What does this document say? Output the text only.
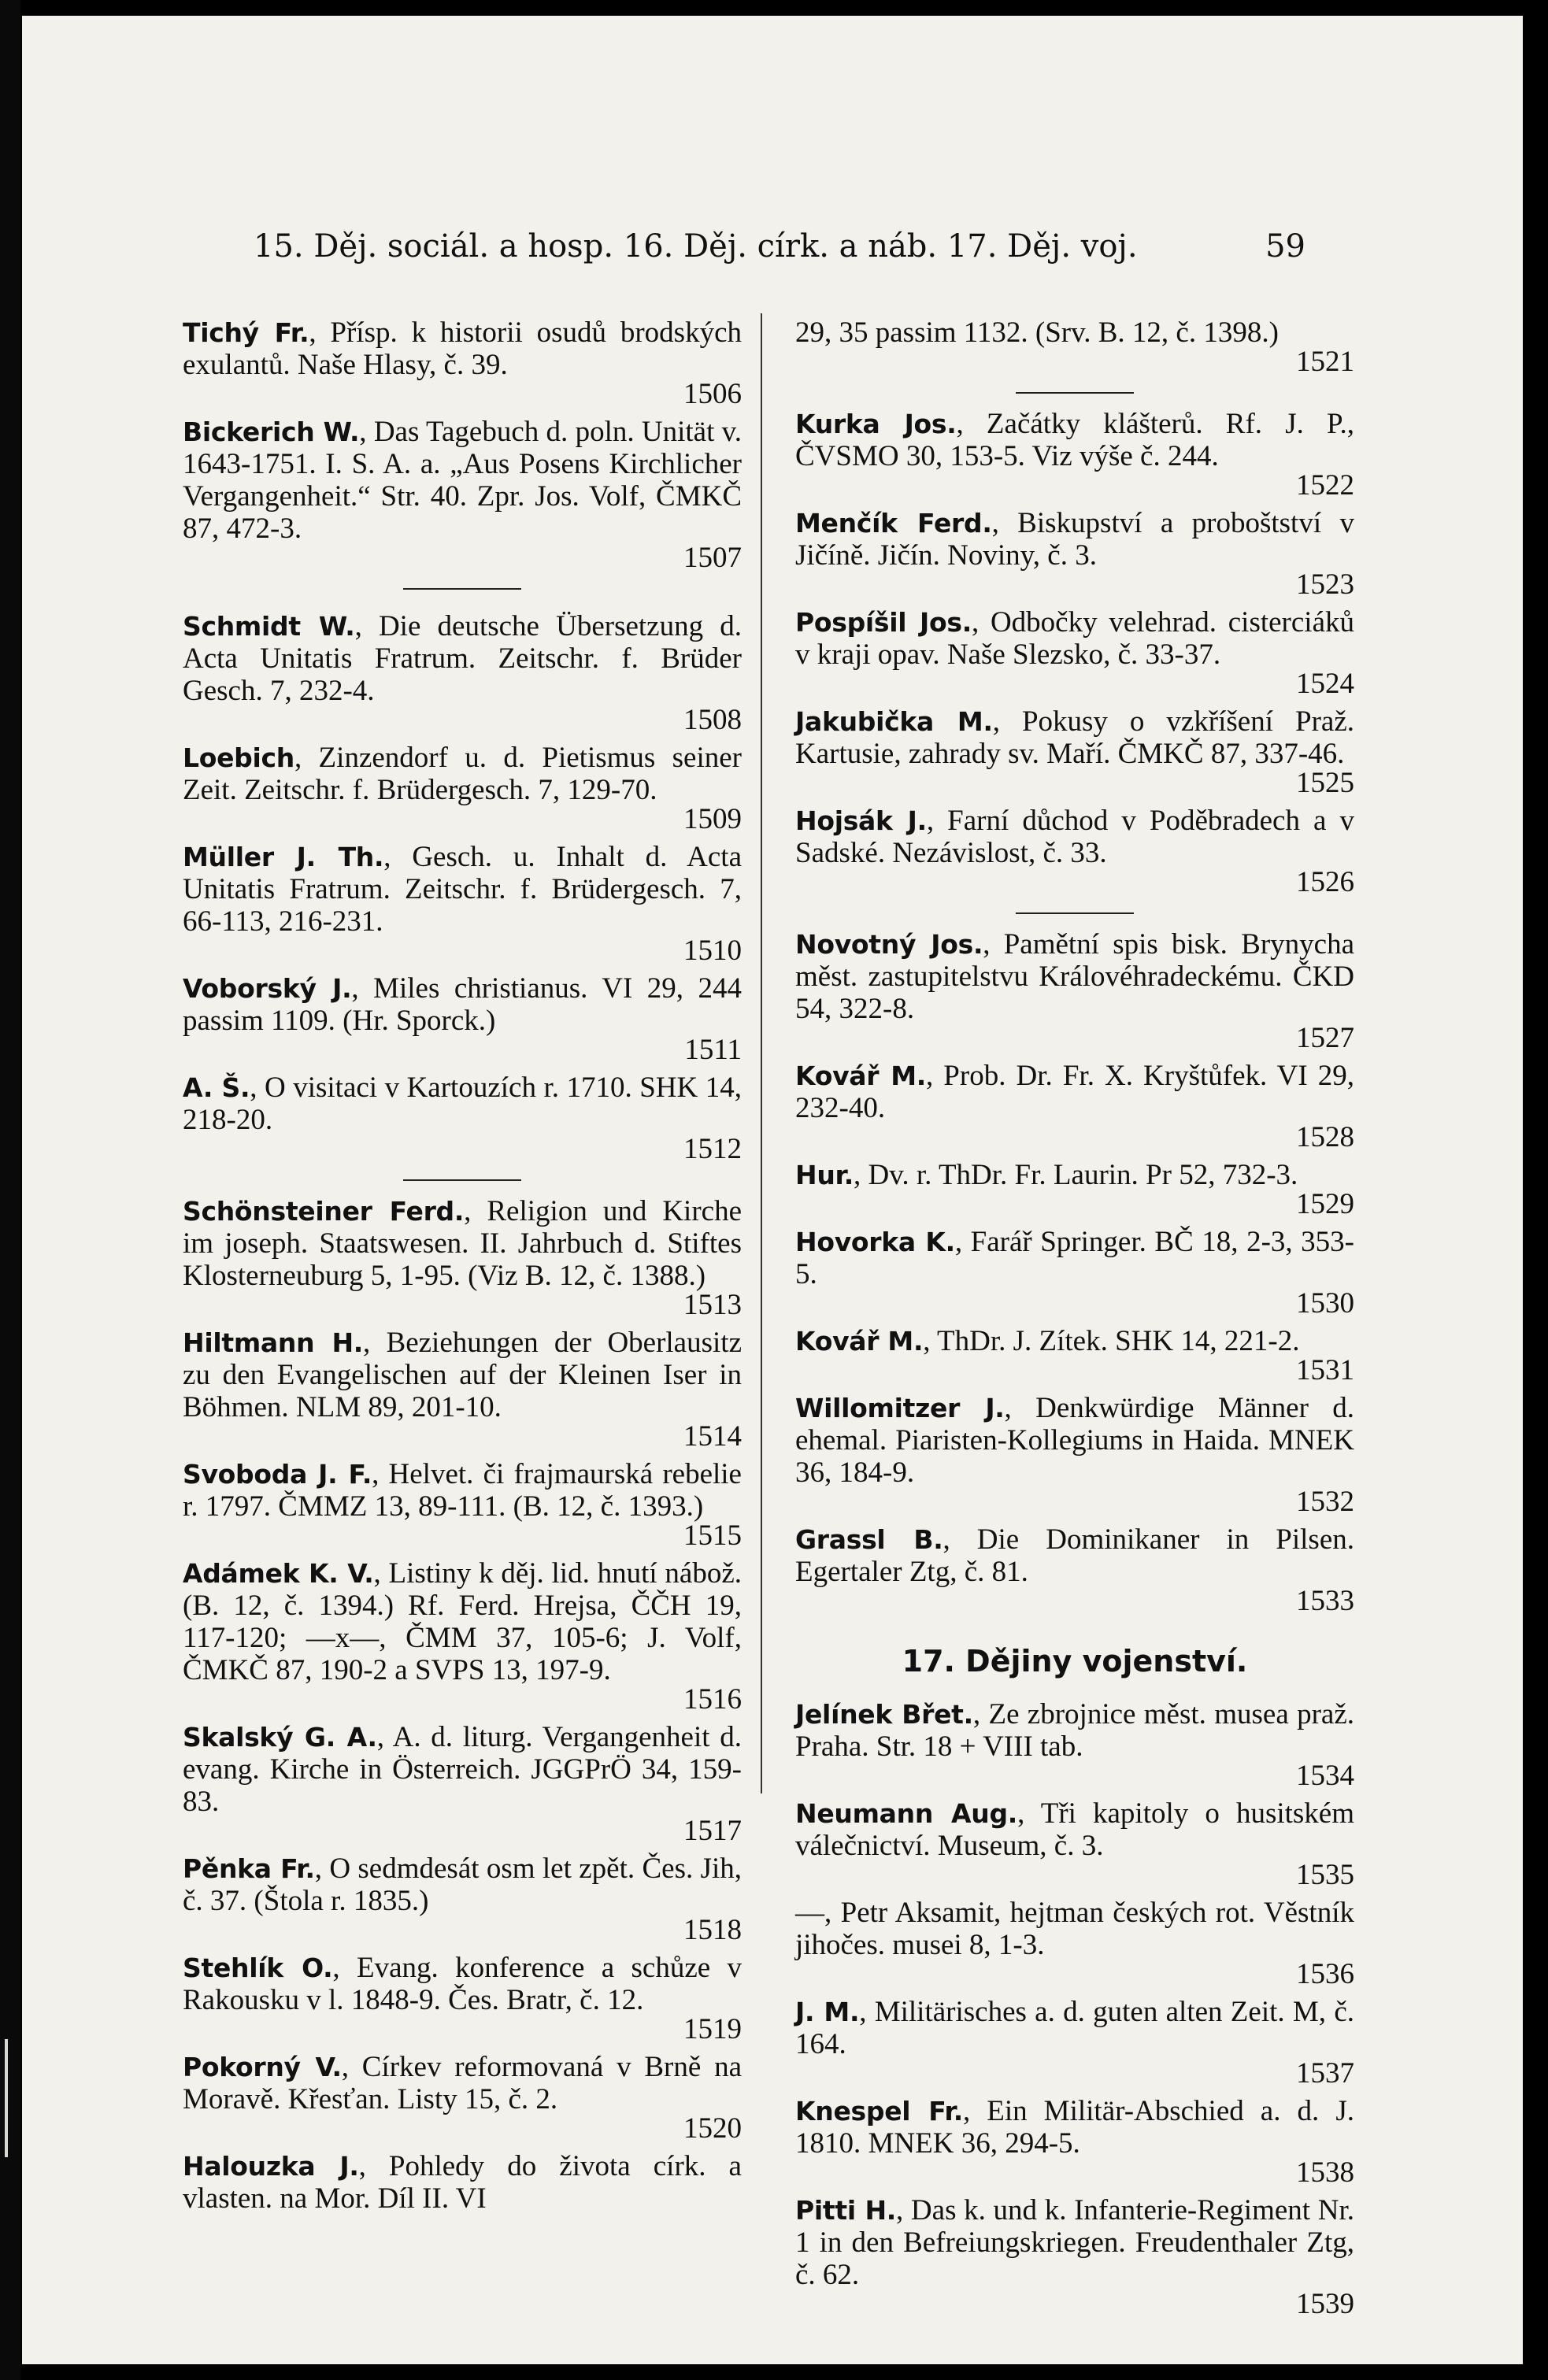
15. Děj. sociál. a hosp. 16. Děj. círk. a náb. 17. Děj. voj.	59
Tichý Fr., Přísp. k historii osudů brodských exulantů. Naše Hlasy, č. 39.
1506
Bickerich W., Das Tagebuch d. poln. Unität v. 1643-1751. I. S. A. a. „Aus Posens Kirchlicher Vergangenheit.“ Str. 40. Zpr. Jos. Volf, ČMKČ 87, 472-3.
1507
Schmidt W., Die deutsche Übersetzung d. Acta Unitatis Fratrum. Zeitschr. f. Brüder Gesch. 7, 232-4.
1508
Loebich, Zinzendorf u. d. Pietismus seiner Zeit. Zeitschr. f. Brüdergesch. 7, 129-70.
1509
Müller J. Th., Gesch. u. Inhalt d. Acta Unitatis Fratrum. Zeitschr. f. Brüdergesch. 7, 66-113, 216-231.
1510
Voborský J., Miles christianus. VI 29, 244 passim 1109. (Hr. Sporck.)
1511
A. Š., O visitaci v Kartouzích r. 1710. SHK 14, 218-20.
1512
Schönsteiner Ferd., Religion und Kirche im joseph. Staatswesen. II. Jahrbuch d. Stiftes Klosterneuburg 5, 1-95. (Viz B. 12, č. 1388.)
1513
Hiltmann H., Beziehungen der Oberlausitz zu den Evangelischen auf der Kleinen Iser in Böhmen. NLM 89, 201-10.
1514
Svoboda J. F., Helvet. či frajmaurská rebelie r. 1797. ČMMZ 13, 89-111. (B. 12, č. 1393.)
1515
Adámek K. V., Listiny k děj. lid. hnutí nábož. (B. 12, č. 1394.) Rf. Ferd. Hrejsa, ČČH 19, 117-120; —x—, ČMM 37, 105-6; J. Volf, ČMKČ 87, 190-2 a SVPS 13, 197-9.
1516
Skalský G. A., A. d. liturg. Vergangenheit d. evang. Kirche in Österreich. JGGPrÖ 34, 159-83.
1517
Pěnka Fr., O sedmdesát osm let zpět. Čes. Jih, č. 37. (Štola r. 1835.)
1518
Stehlík O., Evang. konference a schůze v Rakousku v l. 1848-9. Čes. Bratr, č. 12.
1519
Pokorný V., Církev reformovaná v Brně na Moravě. Křesťan. Listy 15, č. 2.
1520
Halouzka J., Pohledy do života círk. a vlasten. na Mor. Díl II. VI
29, 35 passim 1132. (Srv. B. 12, č. 1398.)
1521
Kurka Jos., Začátky klášterů. Rf. J. P., ČVSMO 30, 153-5. Viz výše č. 244.
1522
Menčík Ferd., Biskupství a proboštství v Jičíně. Jičín. Noviny, č. 3.
1523
Pospíšil Jos., Odbočky velehrad. cisterciáků v kraji opav. Naše Slezsko, č. 33-37.
1524
Jakubička M., Pokusy o vzkříšení Praž. Kartusie, zahrady sv. Maří. ČMKČ 87, 337-46.
1525
Hojsák J., Farní důchod v Poděbradech a v Sadské. Nezávislost, č. 33.
1526
Novotný Jos., Pamětní spis bisk. Brynycha měst. zastupitelstvu Královéhradeckému. ČKD 54, 322-8.
1527
Kovář M., Prob. Dr. Fr. X. Kryštůfek. VI 29, 232-40.
1528
Hur., Dv. r. ThDr. Fr. Laurin. Pr 52, 732-3.
1529
Hovorka K., Farář Springer. BČ 18, 2-3, 353-5.
1530
Kovář M., ThDr. J. Zítek. SHK 14, 221-2.
1531
Willomitzer J., Denkwürdige Männer d. ehemal. Piaristen-Kollegiums in Haida. MNEK 36, 184-9.
1532
Grassl B., Die Dominikaner in Pilsen. Egertaler Ztg, č. 81.
1533
17. Dějiny vojenství.
Jelínek Břet., Ze zbrojnice měst. musea praž. Praha. Str. 18 + VIII tab.
1534
Neumann Aug., Tři kapitoly o husitském válečnictví. Museum, č. 3.
1535
—, Petr Aksamit, hejtman českých rot. Věstník jihočes. musei 8, 1-3.
1536
J. M., Militärisches a. d. guten alten Zeit. M, č. 164.
1537
Knespel Fr., Ein Militär-Abschied a. d. J. 1810. MNEK 36, 294-5.
1538
Pitti H., Das k. und k. Infanterie-Regiment Nr. 1 in den Befreiungskriegen. Freudenthaler Ztg, č. 62.
1539
